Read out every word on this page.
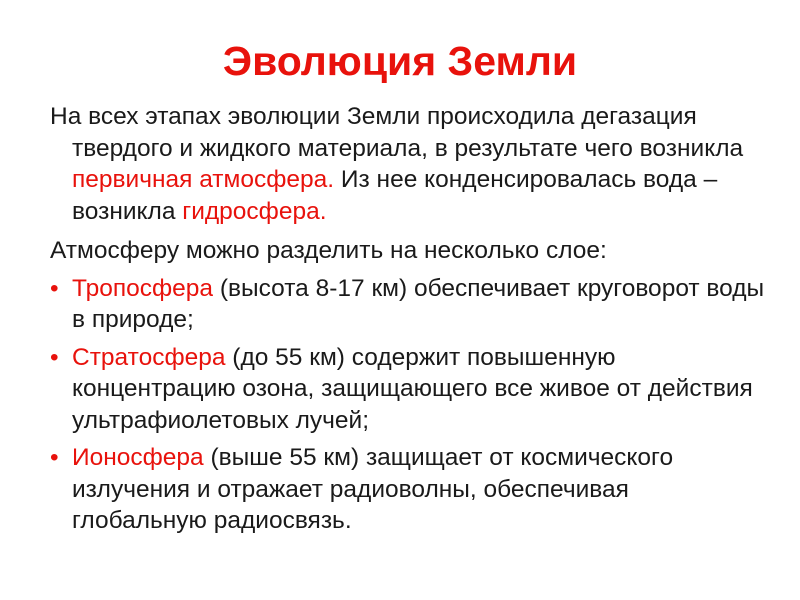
Эволюция Земли

На всех этапах эволюции Земли происходила дегазация твердого и жидкого материала, в результате чего возникла первичная атмосфера. Из нее конденсировалась вода – возникла гидросфера.

Атмосферу можно разделить на несколько слое:

• Тропосфера (высота 8-17 км) обеспечивает круговорот воды в природе;
• Стратосфера (до 55 км) содержит повышенную концентрацию озона, защищающего все живое от действия ультрафиолетовых лучей;
• Ионосфера (выше 55 км) защищает от космического излучения и отражает радиоволны, обеспечивая глобальную радиосвязь.
